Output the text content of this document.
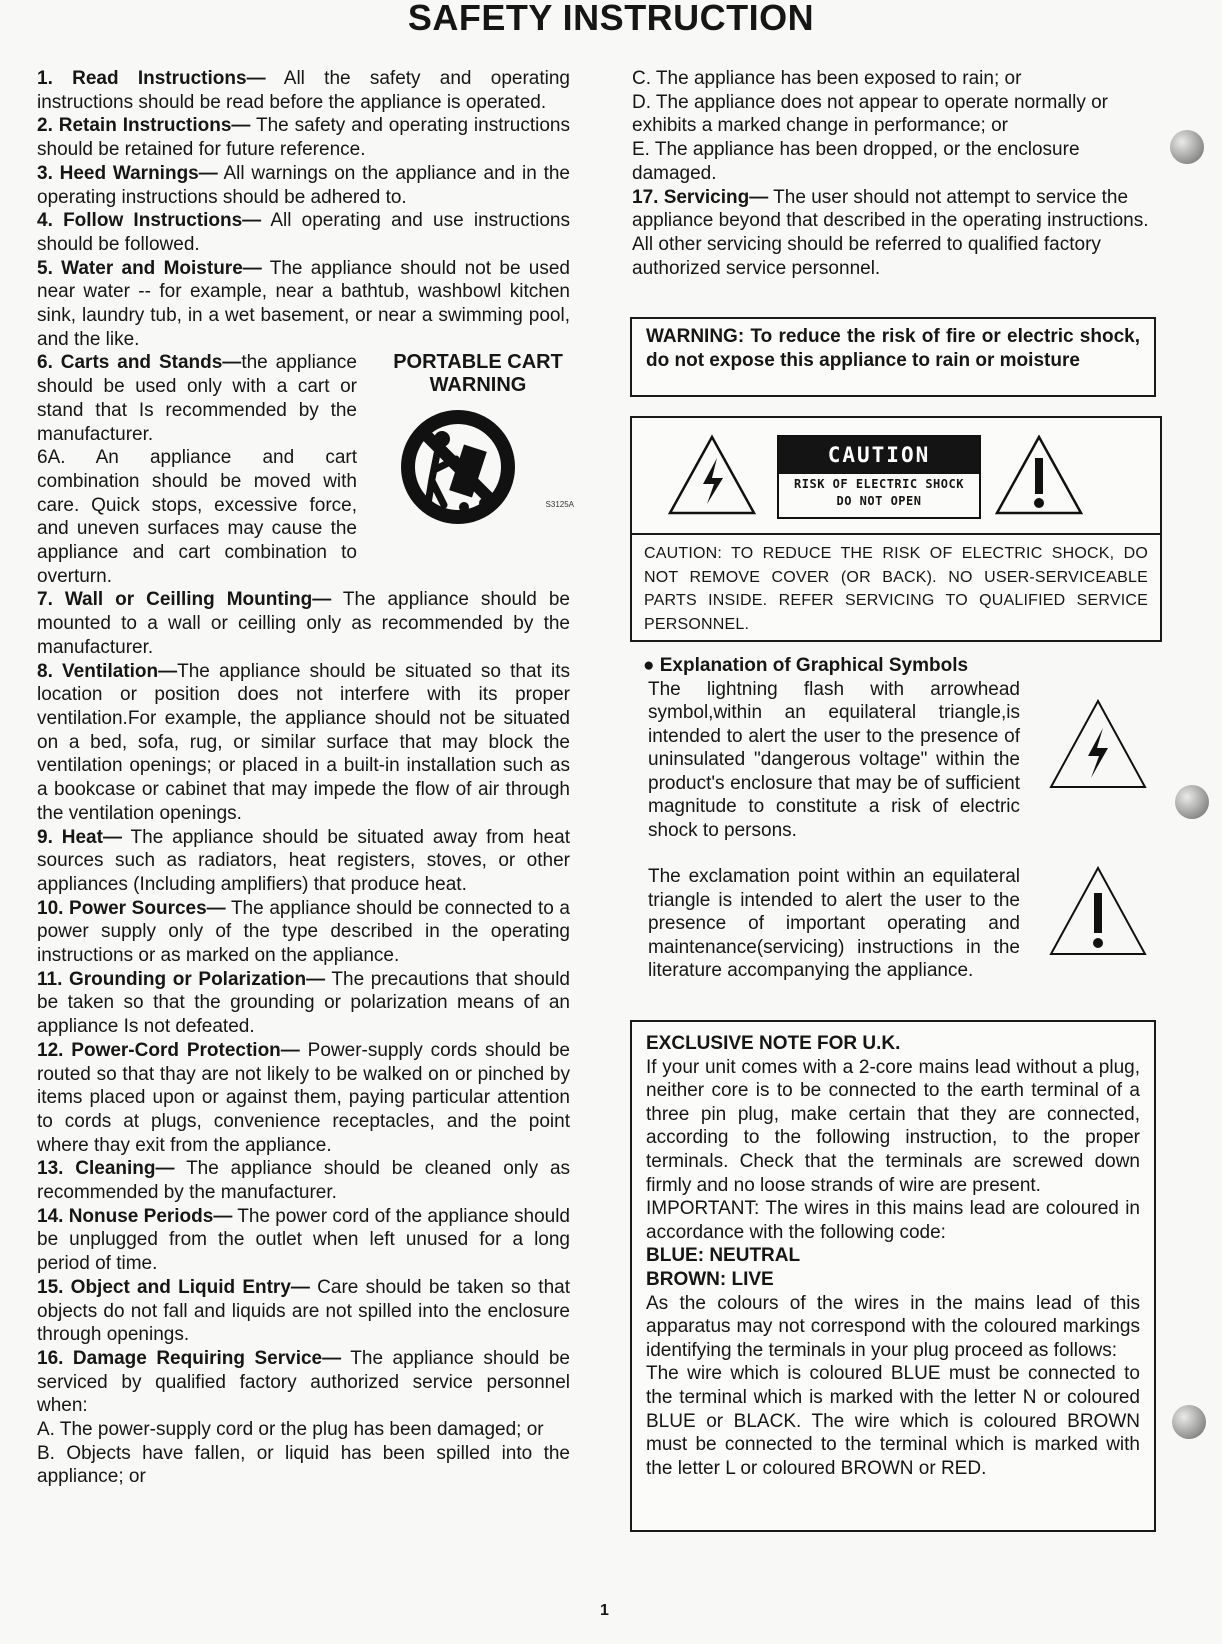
SAFETY INSTRUCTION

1. Read Instructions— All the safety and operating instructions should be read before the appliance is operated.

2. Retain Instructions— The safety and operating instructions should be retained for future reference.

3. Heed Warnings— All warnings on the appliance and in the operating instructions should be adhered to.

4. Follow Instructions— All operating and use instructions should be followed.

5. Water and Moisture— The appliance should not be used near water -- for example, near a bathtub, washbowl kitchen sink, laundry tub, in a wet basement, or near a swimming pool, and the like.

6. Carts and Stands—the appliance should be used only with a cart or stand that Is recommended by the manufacturer.

6A. An appliance and cart combination should be moved with care. Quick stops, excessive force, and uneven surfaces may cause the appliance and cart combination to overturn.

PORTABLE CART
WARNING
S3125A

7. Wall or Ceilling Mounting— The appliance should be mounted to a wall or ceilling only as recommended by the manufacturer.

8. Ventilation—The appliance should be situated so that its location or position does not interfere with its proper ventilation.For example, the appliance should not be situated on a bed, sofa, rug, or similar surface that may block the ventilation openings; or placed in a built-in installation such as a bookcase or cabinet that may impede the flow of air through the ventilation openings.

9. Heat— The appliance should be situated away from heat sources such as radiators, heat registers, stoves, or other appliances (Including amplifiers) that produce heat.

10. Power Sources— The appliance should be connected to a power supply only of the type described in the operating instructions or as marked on the appliance.

11. Grounding or Polarization— The precautions that should be taken so that the grounding or polarization means of an appliance Is not defeated.

12. Power-Cord Protection— Power-supply cords should be routed so that thay are not likely to be walked on or pinched by items placed upon or against them, paying particular attention to cords at plugs, convenience receptacles, and the point where thay exit from the appliance.

13. Cleaning— The appliance should be cleaned only as recommended by the manufacturer.

14. Nonuse Periods— The power cord of the appliance should be unplugged from the outlet when left unused for a long period of time.

15. Object and Liquid Entry— Care should be taken so that objects do not fall and liquids are not spilled into the enclosure through openings.

16. Damage Requiring Service— The appliance should be serviced by qualified factory authorized service personnel when:

A. The power-supply cord or the plug has been damaged; or

B. Objects have fallen, or liquid has been spilled into the appliance; or

C. The appliance has been exposed to rain; or

D. The appliance does not appear to operate normally or exhibits a marked change in performance; or

E. The appliance has been dropped, or the enclosure damaged.

17. Servicing— The user should not attempt to service the appliance beyond that described in the operating instructions. All other servicing should be referred to qualified factory authorized service personnel.

WARNING: To reduce the risk of fire or electric shock, do not expose this appliance to rain or moisture
CAUTION
RISK OF ELECTRIC SHOCK
DO NOT OPEN
CAUTION: TO REDUCE THE RISK OF ELECTRIC SHOCK, DO NOT REMOVE COVER (OR BACK). NO USER-SERVICEABLE PARTS INSIDE. REFER SERVICING TO QUALIFIED SERVICE PERSONNEL.
● Explanation of Graphical Symbols
The lightning flash with arrowhead symbol,within an equilateral triangle,is intended to alert the user to the presence of uninsulated "dangerous voltage" within the product's enclosure that may be of sufficient magnitude to constitute a risk of electric shock to persons.
The exclamation point within an equilateral triangle is intended to alert the user to the presence of important operating and maintenance(servicing) instructions in the literature accompanying the appliance.

EXCLUSIVE NOTE FOR U.K.

If your unit comes with a 2-core mains lead without a plug, neither core is to be connected to the earth terminal of a three pin plug, make certain that they are connected, according to the following instruction, to the proper terminals. Check that the terminals are screwed down firmly and no loose strands of wire are present.

IMPORTANT: The wires in this mains lead are coloured in accordance with the following code:

BLUE: NEUTRAL

BROWN: LIVE

As the colours of the wires in the mains lead of this apparatus may not correspond with the coloured markings identifying the terminals in your plug proceed as follows:

The wire which is coloured BLUE must be connected to the terminal which is marked with the letter N or coloured BLUE or BLACK. The wire which is coloured BROWN must be connected to the terminal which is marked with the letter L or coloured BROWN or RED.

1
